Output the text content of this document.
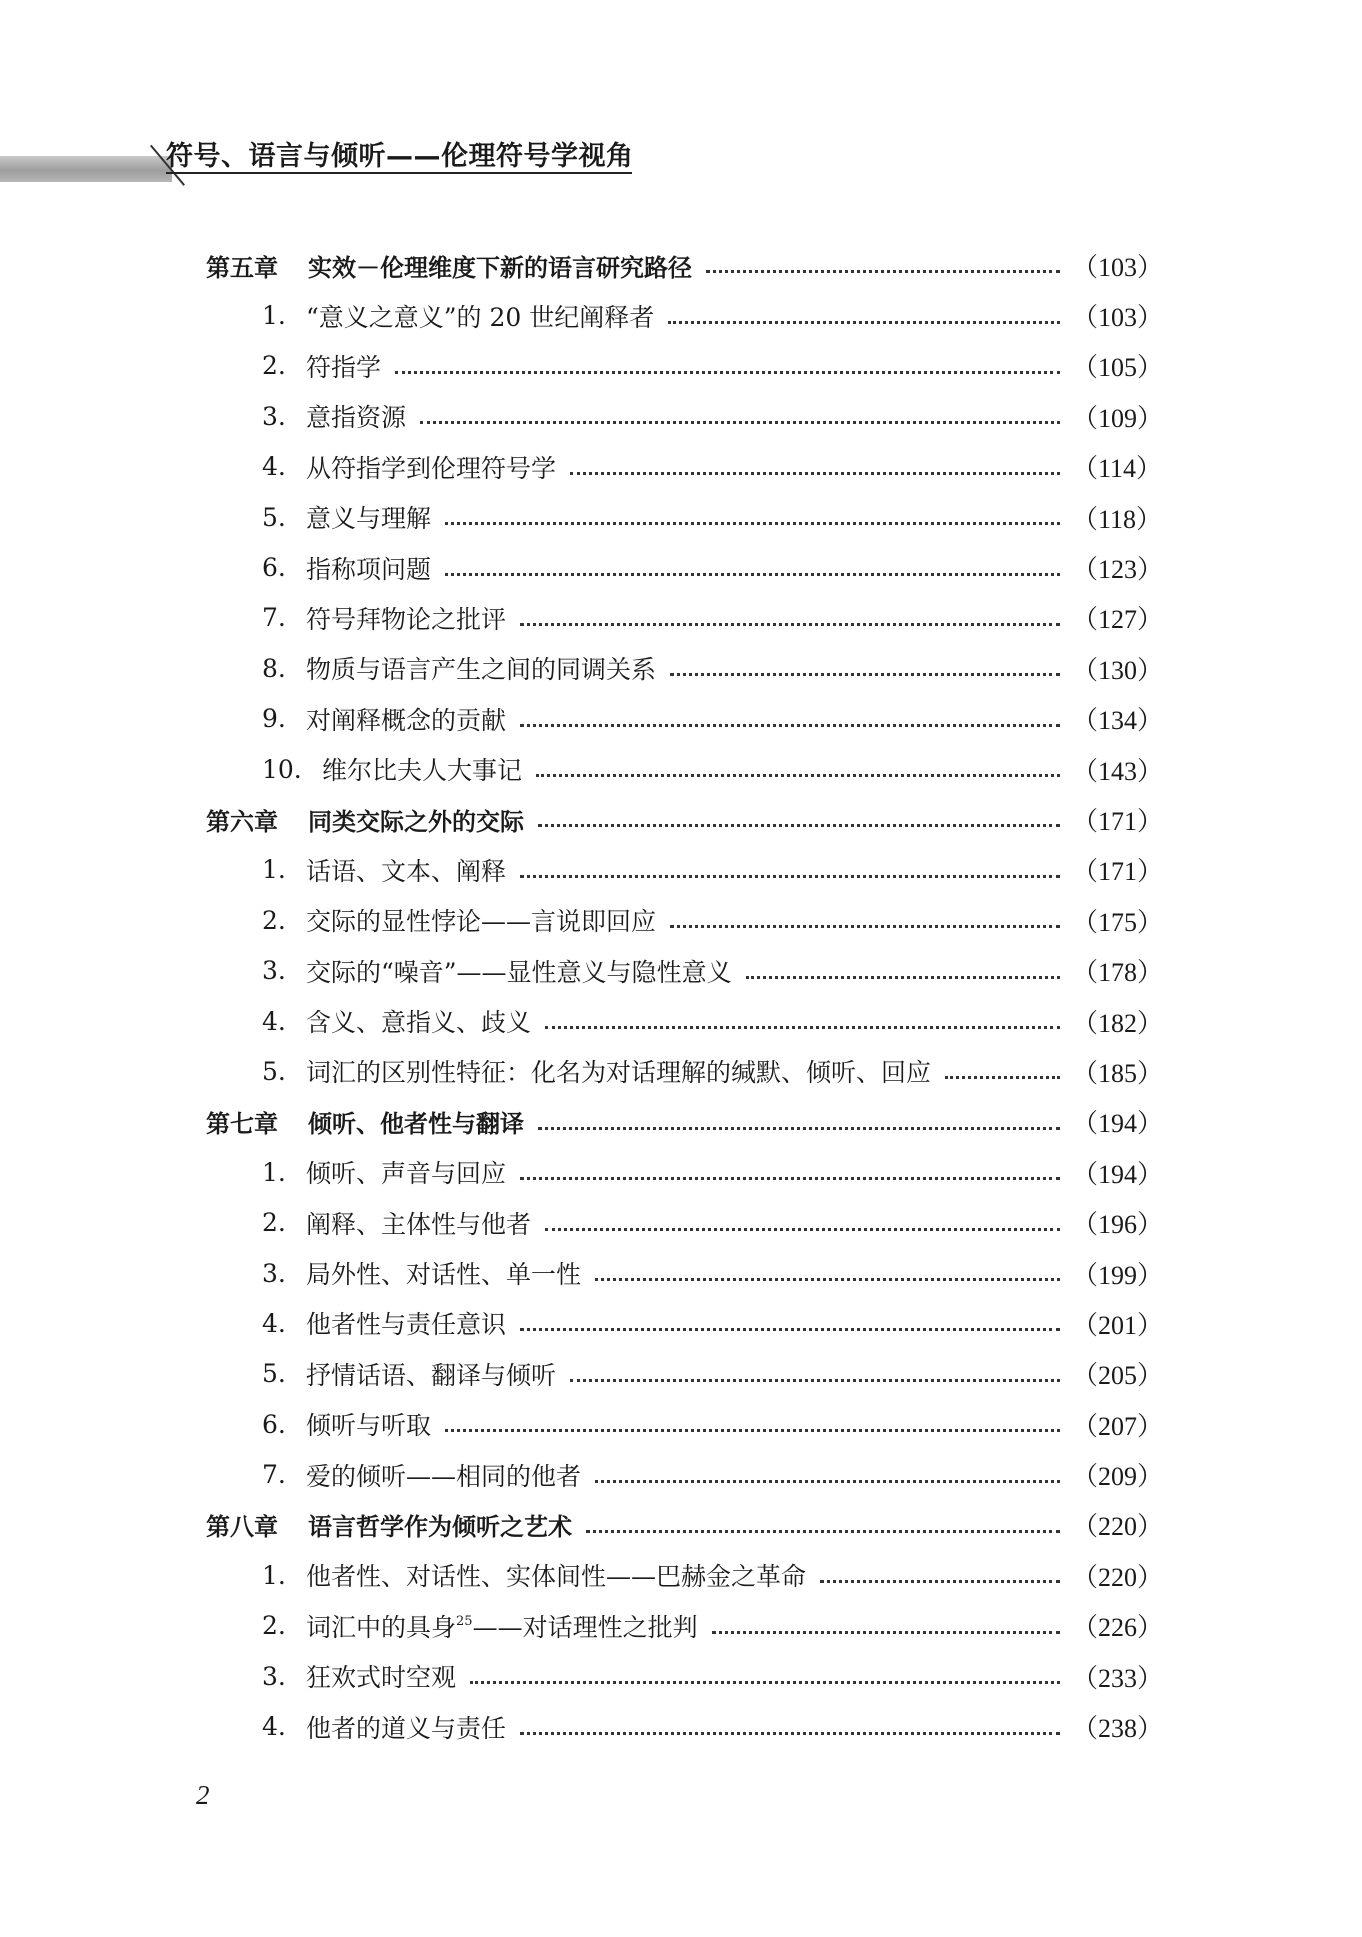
符号、语言与倾听——伦理符号学视角
第五章 实效－伦理维度下新的语言研究路径	（103）
1. “意义之意义”的 20 世纪阐释者	（103）
2. 符指学	（105）
3. 意指资源	（109）
4. 从符指学到伦理符号学	（114）
5. 意义与理解	（118）
6. 指称项问题	（123）
7. 符号拜物论之批评	（127）
8. 物质与语言产生之间的同调关系	（130）
9. 对阐释概念的贡献	（134）
10. 维尔比夫人大事记	（143）
第六章 同类交际之外的交际	（171）
1. 话语、文本、阐释	（171）
2. 交际的显性悖论——言说即回应	（175）
3. 交际的“噪音”——显性意义与隐性意义	（178）
4. 含义、意指义、歧义	（182）
5. 词汇的区别性特征：化名为对话理解的缄默、倾听、回应	（185）
第七章 倾听、他者性与翻译	（194）
1. 倾听、声音与回应	（194）
2. 阐释、主体性与他者	（196）
3. 局外性、对话性、单一性	（199）
4. 他者性与责任意识	（201）
5. 抒情话语、翻译与倾听	（205）
6. 倾听与听取	（207）
7. 爱的倾听——相同的他者	（209）
第八章 语言哲学作为倾听之艺术	（220）
1. 他者性、对话性、实体间性——巴赫金之革命	（220）
2. 词汇中的具身$^{25}$ ——对话理性之批判	（226）
3. 狂欢式时空观	（233）
4. 他者的道义与责任	（238）
2
